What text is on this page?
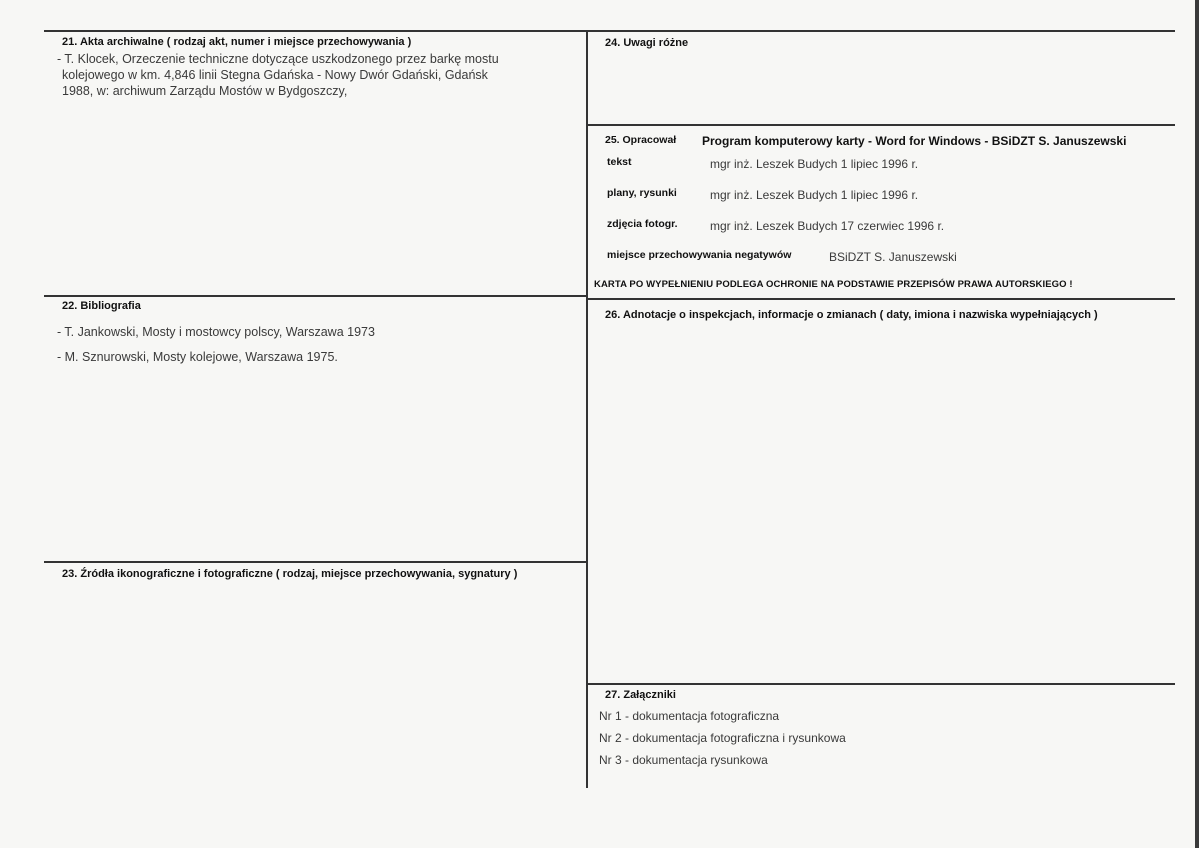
21. Akta archiwalne ( rodzaj akt, numer i miejsce przechowywania )
- T. Klocek, Orzeczenie techniczne dotyczące uszkodzonego przez barkę mostu
kolejowego w km. 4,846 linii Stegna Gdańska - Nowy Dwór Gdański, Gdańsk
1988, w: archiwum Zarządu Mostów w Bydgoszczy,
22. Bibliografia
- T. Jankowski, Mosty i mostowcy polscy, Warszawa 1973
- M. Sznurowski, Mosty kolejowe, Warszawa 1975.
23. Źródła ikonograficzne i fotograficzne ( rodzaj, miejsce przechowywania, sygnatury )
24. Uwagi różne
25. Opracował Program komputerowy karty - Word for Windows - BSiDZT S. Januszewski
tekst	mgr inż. Leszek Budych 1 lipiec 1996 r.
plany, rysunki	mgr inż. Leszek Budych 1 lipiec 1996 r.
zdjęcia fotogr.	mgr inż. Leszek Budych 17 czerwiec 1996 r.
miejsce przechowywania negatywów	BSiDZT S. Januszewski
KARTA PO WYPEŁNIENIU PODLEGA OCHRONIE NA PODSTAWIE PRZEPISÓW PRAWA AUTORSKIEGO !
26. Adnotacje o inspekcjach, informacje o zmianach ( daty, imiona i nazwiska wypełniających )
27. Załączniki
Nr 1 - dokumentacja fotograficzna
Nr 2 - dokumentacja fotograficzna i rysunkowa
Nr 3 - dokumentacja rysunkowa
